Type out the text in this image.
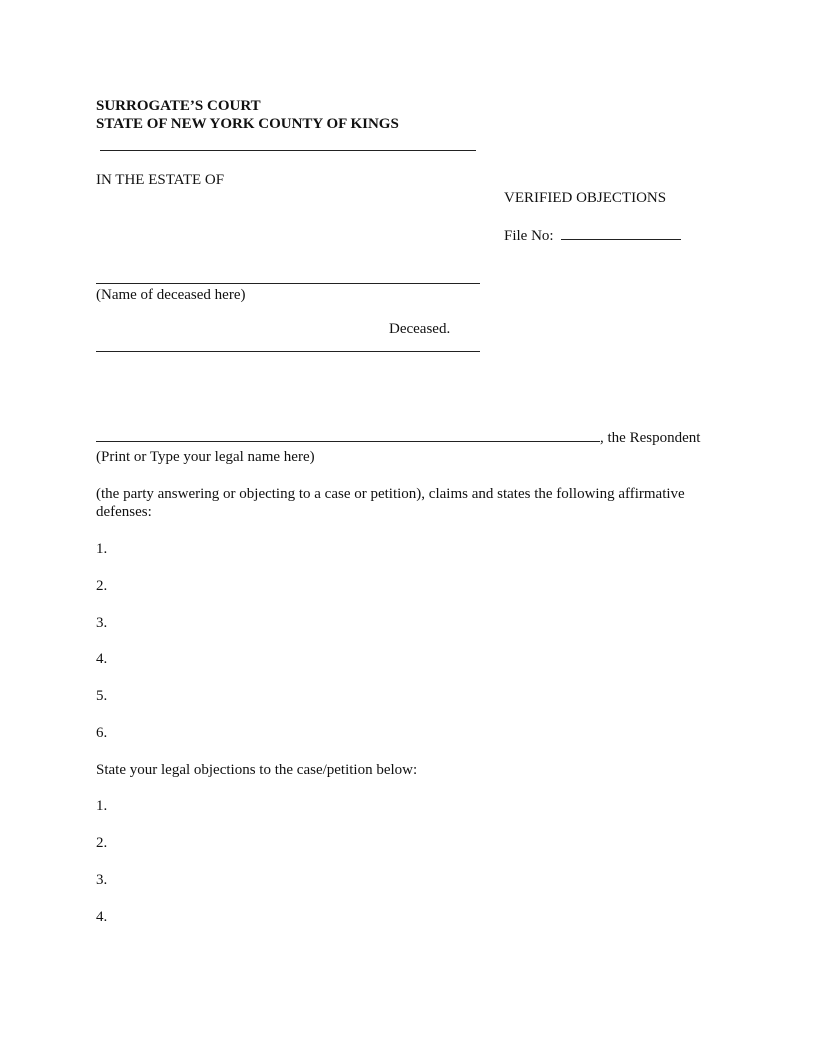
SURROGATE’S COURT
STATE OF NEW YORK COUNTY OF KINGS
IN THE ESTATE OF
VERIFIED OBJECTIONS
File No:
(Name of deceased here)
Deceased.
, the Respondent
(Print or Type your legal name here)
(the party answering or objecting to a case or petition), claims and states the following affirmative defenses:
1.
2.
3.
4.
5.
6.
State your legal objections to the case/petition below:
1.
2.
3.
4.
